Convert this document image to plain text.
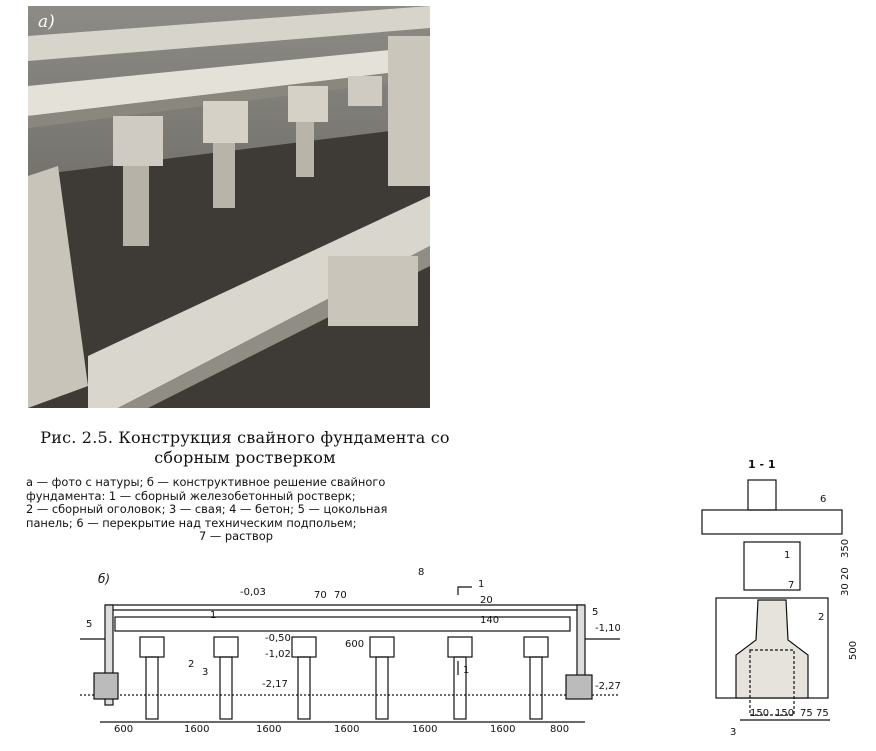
а)
Рис. 2.5. Конструкция свайного фундамента со
сборным ростверком
а — фото с натуры; б — конструктивное решение свайного
фундамента: 1 — сборный железобетонный ростверк;
2 — сборный оголовок; 3 — свая; 4 — бетон; 5 — цокольная
панель; 6 — перекрытие над техническим подпольем;
7 — раствор
б)
-0,03
-1,10
-0,50
-1,02
-2,17	-2,27
70 70	20
140
600
1
1
2
3
5
5
8
1
600	1600	1600	1600	1600	1600	800
1 - 1
6
1
7
2
3
350
20
30
500
150 150 75 75
